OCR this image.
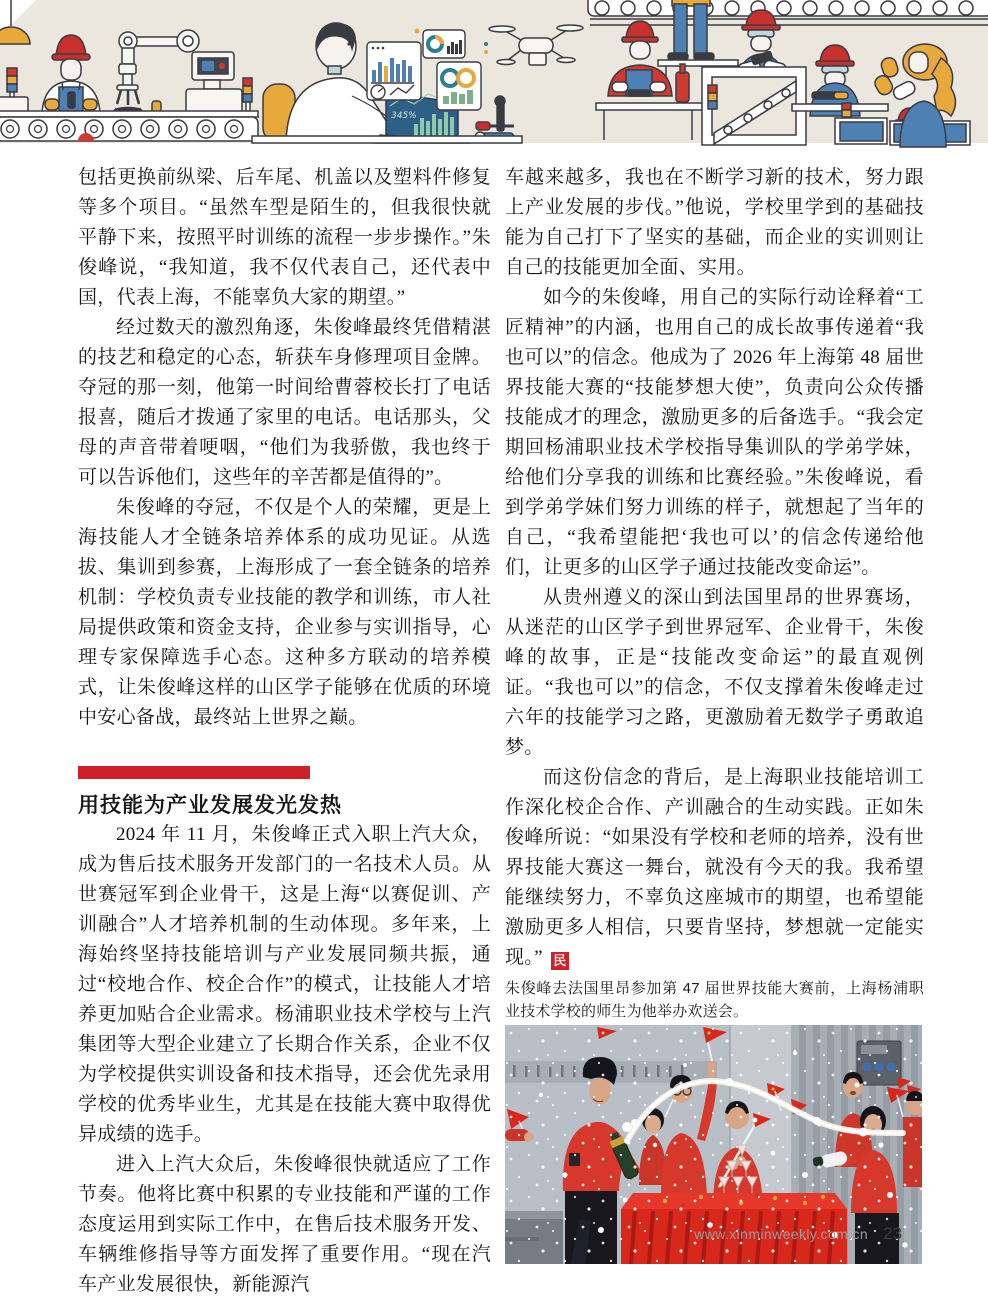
345%

包括更换前纵梁、后车尾、机盖以及塑料件修复等多个项目。“虽然车型是陌生的，但我很快就平静下来，按照平时训练的流程一步步操作。”朱俊峰说，“我知道，我不仅代表自己，还代表中国，代表上海，不能辜负大家的期望。”

经过数天的激烈角逐，朱俊峰最终凭借精湛的技艺和稳定的心态，斩获车身修理项目金牌。夺冠的那一刻，他第一时间给曹蓉校长打了电话报喜，随后才拨通了家里的电话。电话那头，父母的声音带着哽咽，“他们为我骄傲，我也终于可以告诉他们，这些年的辛苦都是值得的”。

朱俊峰的夺冠，不仅是个人的荣耀，更是上海技能人才全链条培养体系的成功见证。从选拔、集训到参赛，上海形成了一套全链条的培养机制：学校负责专业技能的教学和训练，市人社局提供政策和资金支持，企业参与实训指导，心理专家保障选手心态。这种多方联动的培养模式，让朱俊峰这样的山区学子能够在优质的环境中安心备战，最终站上世界之巅。

用技能为产业发展发光发热

2024 年 11 月，朱俊峰正式入职上汽大众，成为售后技术服务开发部门的一名技术人员。从世赛冠军到企业骨干，这是上海“以赛促训、产训融合”人才培养机制的生动体现。多年来，上海始终坚持技能培训与产业发展同频共振，通过“校地合作、校企合作”的模式，让技能人才培养更加贴合企业需求。杨浦职业技术学校与上汽集团等大型企业建立了长期合作关系，企业不仅为学校提供实训设备和技术指导，还会优先录用学校的优秀毕业生，尤其是在技能大赛中取得优异成绩的选手。

进入上汽大众后，朱俊峰很快就适应了工作节奏。他将比赛中积累的专业技能和严谨的工作态度运用到实际工作中，在售后技术服务开发、车辆维修指导等方面发挥了重要作用。“现在汽车产业发展很快，新能源汽

车越来越多，我也在不断学习新的技术，努力跟上产业发展的步伐。”他说，学校里学到的基础技能为自己打下了坚实的基础，而企业的实训则让自己的技能更加全面、实用。

如今的朱俊峰，用自己的实际行动诠释着“工匠精神”的内涵，也用自己的成长故事传递着“我也可以”的信念。他成为了 2026 年上海第 48 届世界技能大赛的“技能梦想大使”，负责向公众传播技能成才的理念，激励更多的后备选手。“我会定期回杨浦职业技术学校指导集训队的学弟学妹，给他们分享我的训练和比赛经验。”朱俊峰说，看到学弟学妹们努力训练的样子，就想起了当年的自己，“我希望能把‘我也可以’的信念传递给他们，让更多的山区学子通过技能改变命运”。

从贵州遵义的深山到法国里昂的世界赛场，从迷茫的山区学子到世界冠军、企业骨干，朱俊峰的故事，正是“技能改变命运”的最直观例证。“我也可以”的信念，不仅支撑着朱俊峰走过六年的技能学习之路，更激励着无数学子勇敢追梦。

而这份信念的背后，是上海职业技能培训工作深化校企合作、产训融合的生动实践。正如朱俊峰所说：“如果没有学校和老师的培养，没有世界技能大赛这一舞台，就没有今天的我。我希望能继续努力，不辜负这座城市的期望，也希望能激励更多人相信，只要肯坚持，梦想就一定能实现。” 民

朱俊峰去法国里昂参加第 47 届世界技能大赛前，上海杨浦职业技术学校的师生为他举办欢送会。
www.xinminweekly.com.cn 23
